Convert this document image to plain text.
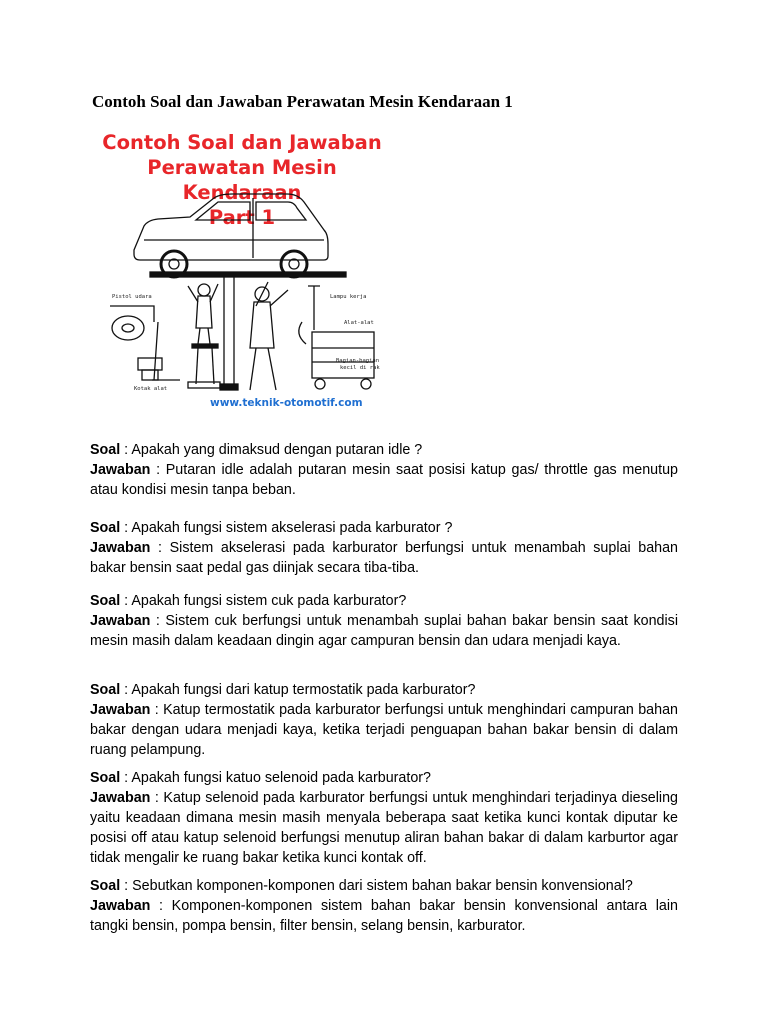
Contoh Soal dan Jawaban Perawatan Mesin Kendaraan 1
Contoh Soal dan Jawaban
Perawatan Mesin Kendaraan
Part 1
Pistol udara	Lampu kerja
Alat-alat
Kotak alat
Bagian-bagian
kecil di rak
www.teknik-otomotif.com
Soal : Apakah yang dimaksud dengan putaran idle ?
Jawaban : Putaran idle adalah putaran mesin saat posisi katup gas/ throttle gas menutup atau kondisi mesin tanpa beban.
Soal : Apakah fungsi sistem akselerasi pada karburator ?
Jawaban : Sistem akselerasi pada karburator berfungsi untuk menambah suplai bahan bakar bensin saat pedal gas diinjak secara tiba-tiba.
Soal : Apakah fungsi sistem cuk pada karburator?
Jawaban : Sistem cuk berfungsi untuk menambah suplai bahan bakar bensin saat kondisi mesin masih dalam keadaan dingin agar campuran bensin dan udara menjadi kaya.
Soal : Apakah fungsi dari katup termostatik pada karburator?
Jawaban : Katup termostatik pada karburator berfungsi untuk menghindari campuran bahan bakar dengan udara menjadi kaya, ketika terjadi penguapan bahan bakar bensin di dalam ruang pelampung.
Soal : Apakah fungsi katuo selenoid pada karburator?
Jawaban : Katup selenoid pada karburator berfungsi untuk menghindari terjadinya dieseling yaitu keadaan dimana mesin masih menyala beberapa saat ketika kunci kontak diputar ke posisi off atau katup selenoid berfungsi menutup aliran bahan bakar di dalam karburtor agar tidak mengalir ke ruang bakar ketika kunci kontak off.
Soal : Sebutkan komponen-komponen dari sistem bahan bakar bensin konvensional?
Jawaban : Komponen-komponen sistem bahan bakar bensin konvensional antara lain tangki bensin, pompa bensin, filter bensin, selang bensin, karburator.
